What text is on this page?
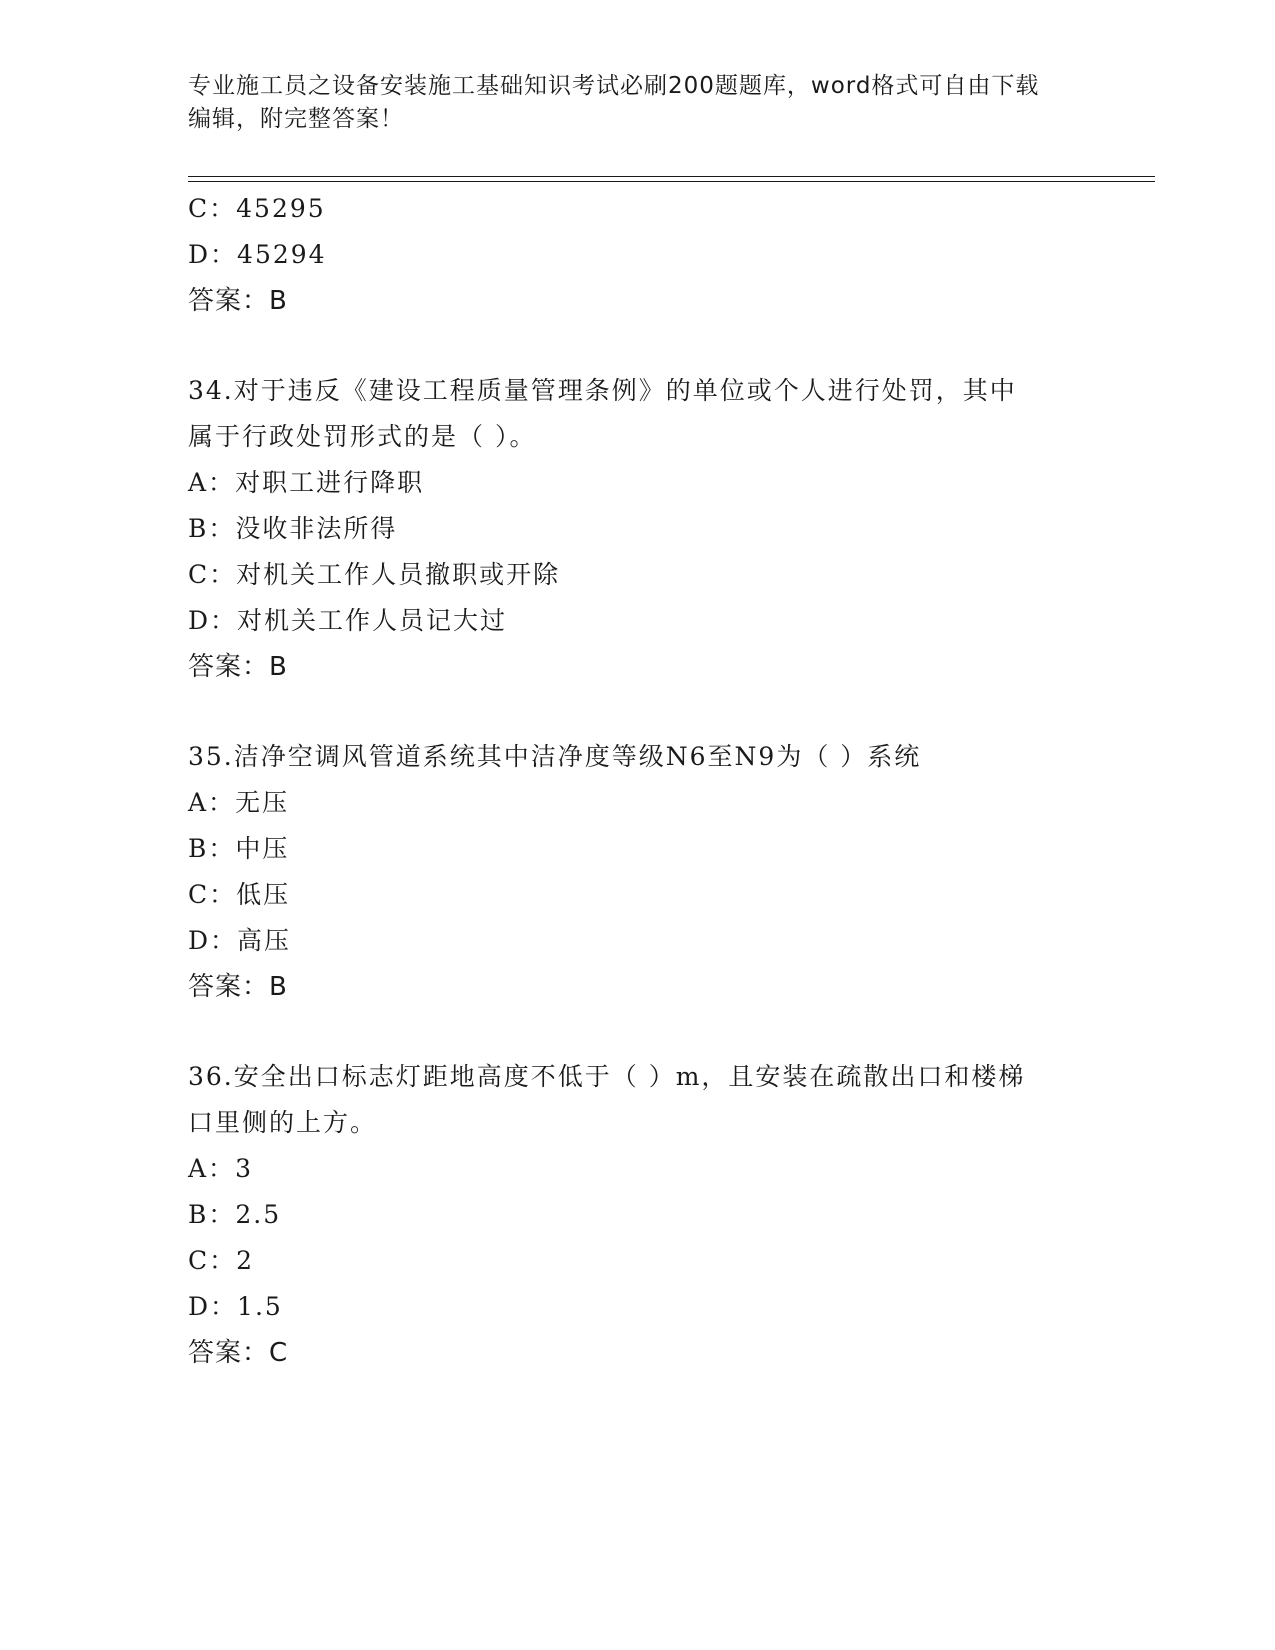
专业施工员之设备安装施工基础知识考试必刷200题题库，word格式可自由下载
编辑，附完整答案！
C：45295
D：45294
答案：B
34.对于违反《建设工程质量管理条例》的单位或个人进行处罚，其中
属于行政处罚形式的是（ ）。
A：对职工进行降职
B：没收非法所得
C：对机关工作人员撤职或开除
D：对机关工作人员记大过
答案：B
35.洁净空调风管道系统其中洁净度等级N6至N9为（ ）系统
A：无压
B：中压
C：低压
D：高压
答案：B
36.安全出口标志灯距地高度不低于（ ）m，且安装在疏散出口和楼梯
口里侧的上方。
A：3
B：2.5
C：2
D：1.5
答案：C
